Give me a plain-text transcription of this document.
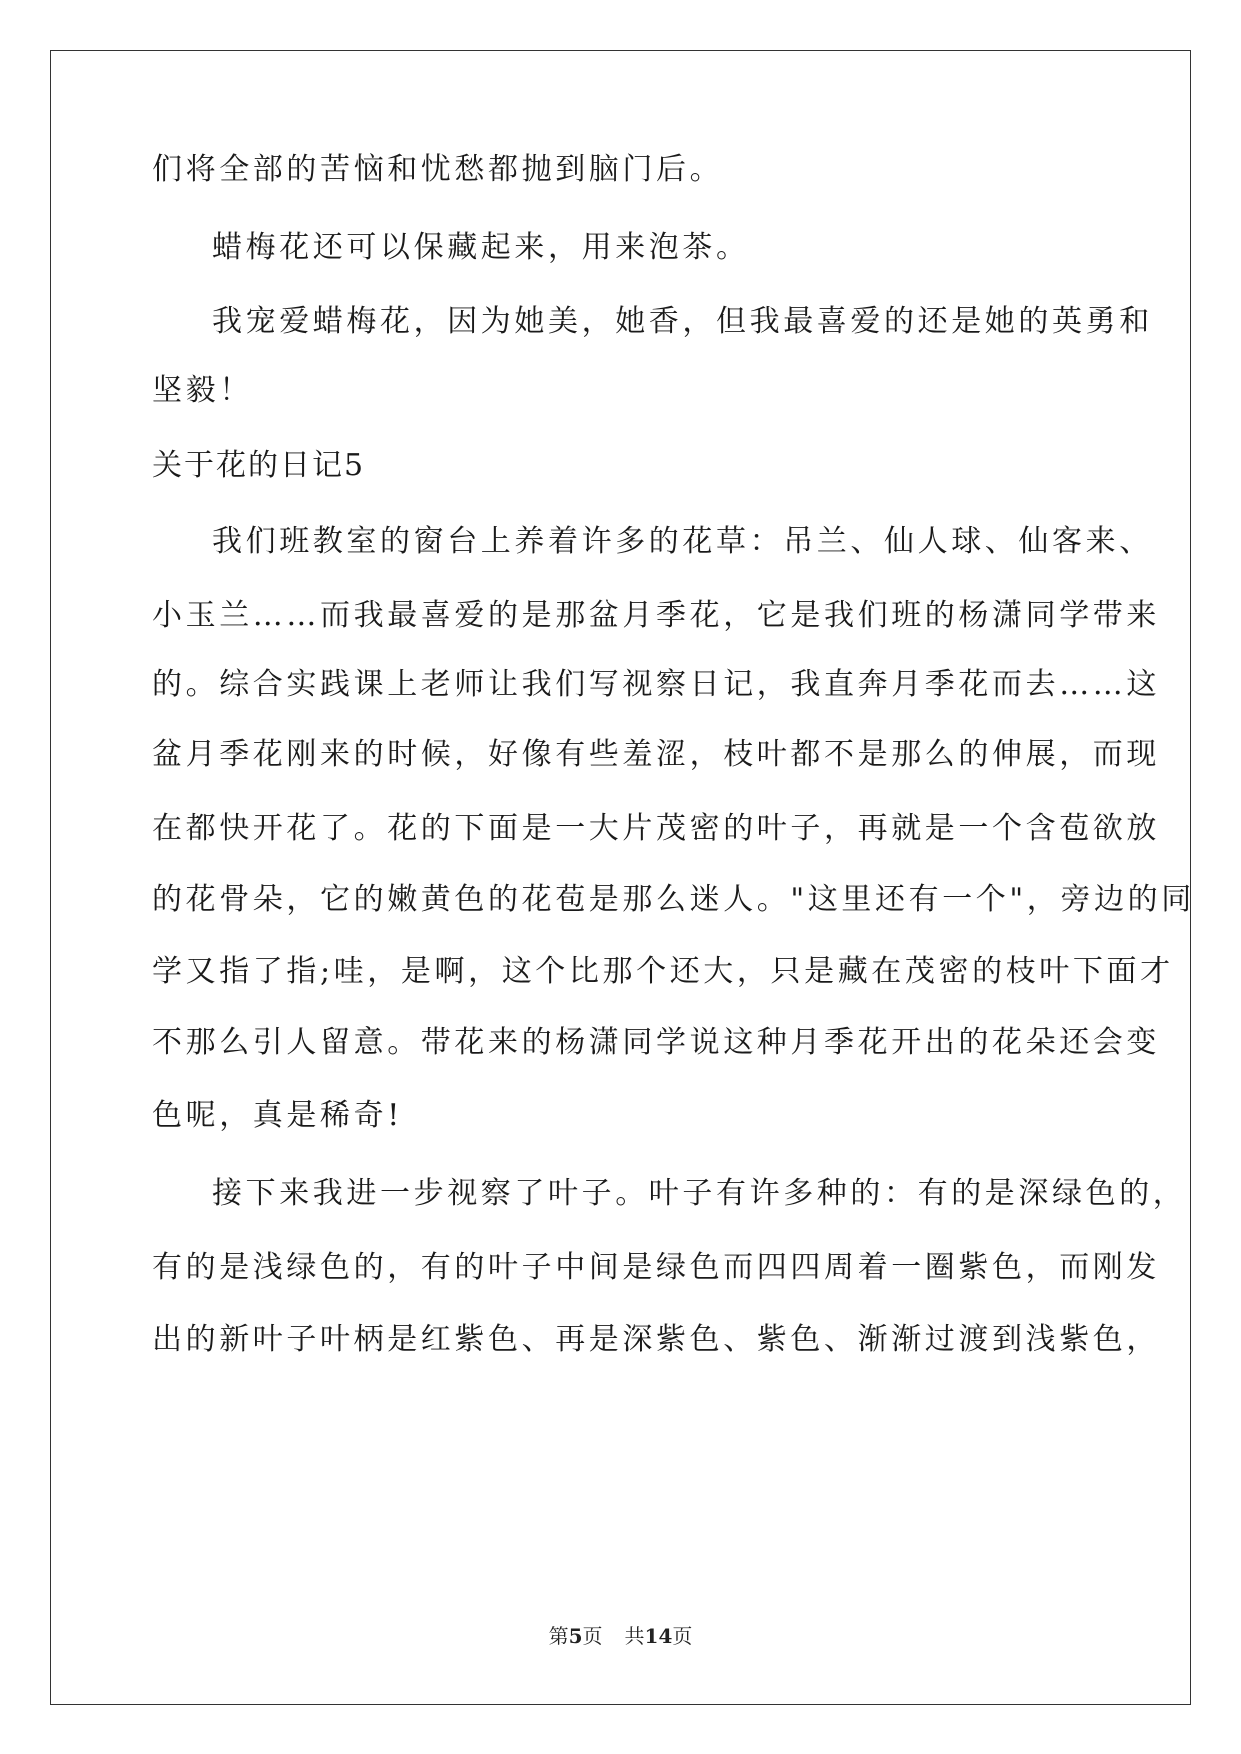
们将全部的苦恼和忧愁都抛到脑门后。
蜡梅花还可以保藏起来，用来泡茶。
我宠爱蜡梅花，因为她美，她香，但我最喜爱的还是她的英勇和
坚毅！
关于花的日记5
我们班教室的窗台上养着许多的花草：吊兰、仙人球、仙客来、
小玉兰……而我最喜爱的是那盆月季花，它是我们班的杨潇同学带来
的。综合实践课上老师让我们写视察日记，我直奔月季花而去……这
盆月季花刚来的时候，好像有些羞涩，枝叶都不是那么的伸展，而现
在都快开花了。花的下面是一大片茂密的叶子，再就是一个含苞欲放
的花骨朵，它的嫩黄色的花苞是那么迷人。"这里还有一个"，旁边的同
学又指了指;哇，是啊，这个比那个还大，只是藏在茂密的枝叶下面才
不那么引人留意。带花来的杨潇同学说这种月季花开出的花朵还会变
色呢，真是稀奇!
接下来我进一步视察了叶子。叶子有许多种的：有的是深绿色的，
有的是浅绿色的，有的叶子中间是绿色而四四周着一圈紫色，而刚发
出的新叶子叶柄是红紫色、再是深紫色、紫色、渐渐过渡到浅紫色，
第5页 共14页
